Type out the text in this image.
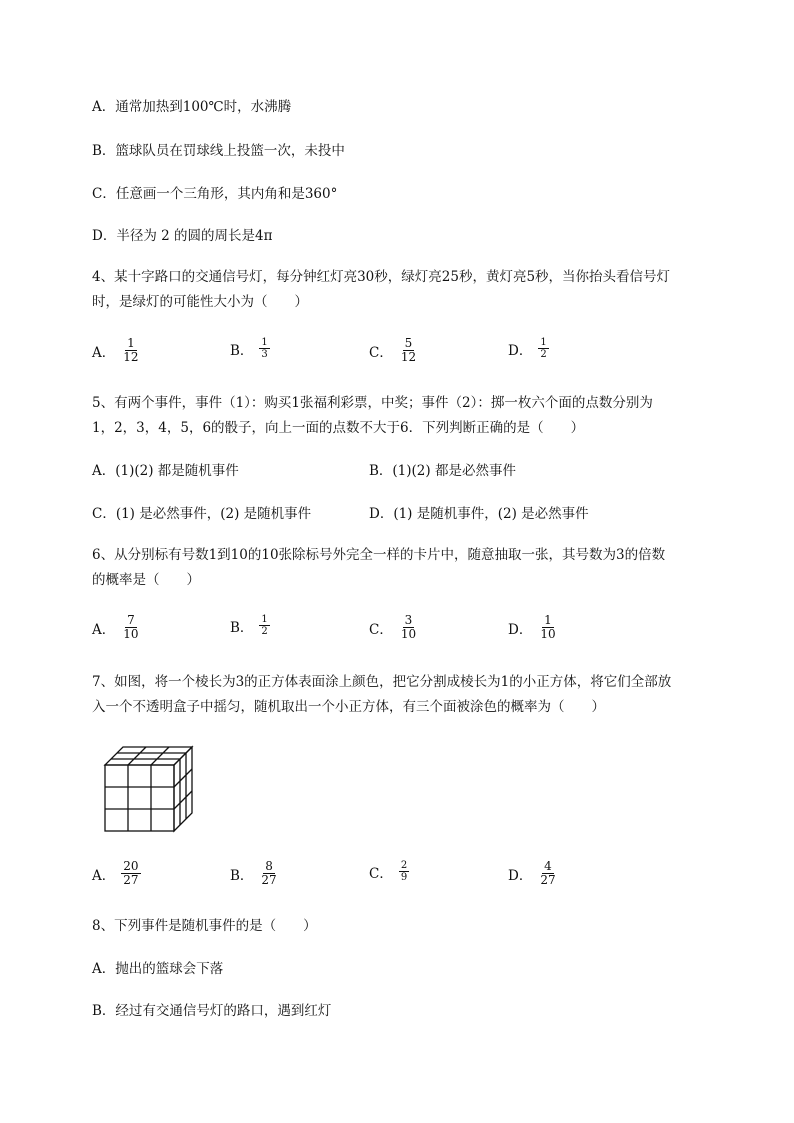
A．通常加热到100℃时，水沸腾
B．篮球队员在罚球线上投篮一次，未投中
C．任意画一个三角形，其内角和是360°
D．半径为 2 的圆的周长是4π
4、某十字路口的交通信号灯，每分钟红灯亮30秒，绿灯亮25秒，黄灯亮5秒，当你抬头看信号灯
时，是绿灯的可能性大小为（　　）
A． $\frac{1}{12}$	B． $\frac{1}{3}$	C． $\frac{5}{12}$	D． $\frac{1}{2}$
5、有两个事件，事件（1）：购买1张福利彩票，中奖；事件（2）：掷一枚六个面的点数分别为
1，2，3，4，5，6的骰子，向上一面的点数不大于6．下列判断正确的是（　　）
A．(1)(2) 都是随机事件	B．(1)(2) 都是必然事件
C．(1) 是必然事件，(2) 是随机事件	D．(1) 是随机事件，(2) 是必然事件
6、从分别标有号数1到10的10张除标号外完全一样的卡片中，随意抽取一张，其号数为3的倍数
的概率是（　　）
A． $\frac{7}{10}$	B． $\frac{1}{2}$	C． $\frac{3}{10}$	D． $\frac{1}{10}$
7、如图，将一个棱长为3的正方体表面涂上颜色，把它分割成棱长为1的小正方体，将它们全部放
入一个不透明盒子中摇匀，随机取出一个小正方体，有三个面被涂色的概率为（　　）
A． $\frac{20}{27}$	B． $\frac{8}{27}$	C． $\frac{2}{9}$	D． $\frac{4}{27}$
8、下列事件是随机事件的是（　　）
A．抛出的篮球会下落
B．经过有交通信号灯的路口，遇到红灯
